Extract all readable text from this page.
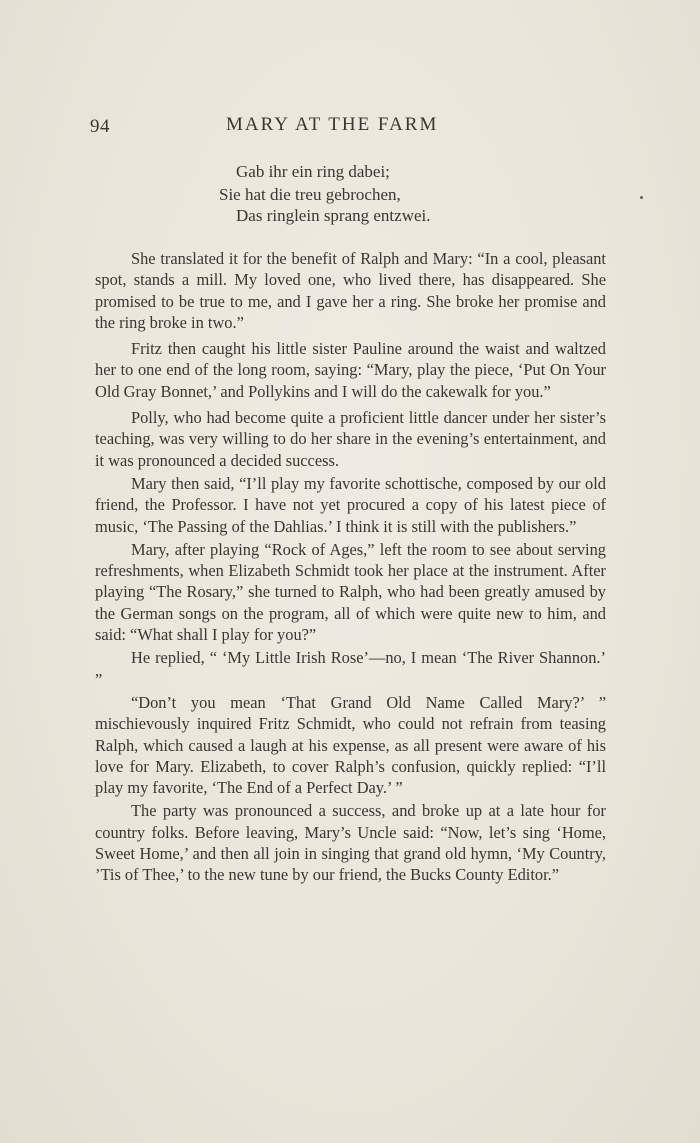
94	MARY AT THE FARM
Gab ihr ein ring dabei;
Sie hat die treu gebrochen,
Das ringlein sprang entzwei.

She translated it for the benefit of Ralph and Mary: “In a cool, pleasant spot, stands a mill. My loved one, who lived there, has disappeared. She promised to be true to me, and I gave her a ring. She broke her promise and the ring broke in two.”

Fritz then caught his little sister Pauline around the waist and waltzed her to one end of the long room, saying: “Mary, play the piece, ‘Put On Your Old Gray Bonnet,’ and Pollykins and I will do the cakewalk for you.”

Polly, who had become quite a proficient little dancer under her sister’s teaching, was very willing to do her share in the evening’s entertainment, and it was pronounced a decided success.

Mary then said, “I’ll play my favorite schottische, composed by our old friend, the Professor. I have not yet procured a copy of his latest piece of music, ‘The Passing of the Dahlias.’ I think it is still with the publishers.”

Mary, after playing “Rock of Ages,” left the room to see about serving refreshments, when Elizabeth Schmidt took her place at the instrument. After playing “The Rosary,” she turned to Ralph, who had been greatly amused by the German songs on the program, all of which were quite new to him, and said: “What shall I play for you?”

He replied, “ ‘My Little Irish Rose’—no, I mean ‘The River Shannon.’ ”

“Don’t you mean ‘That Grand Old Name Called Mary?’ ” mischievously inquired Fritz Schmidt, who could not refrain from teasing Ralph, which caused a laugh at his expense, as all present were aware of his love for Mary. Elizabeth, to cover Ralph’s confusion, quickly replied: “I’ll play my favorite, ‘The End of a Perfect Day.’ ”

The party was pronounced a success, and broke up at a late hour for country folks. Before leaving, Mary’s Uncle said: “Now, let’s sing ‘Home, Sweet Home,’ and then all join in singing that grand old hymn, ‘My Country, ’Tis of Thee,’ to the new tune by our friend, the Bucks County Editor.”
